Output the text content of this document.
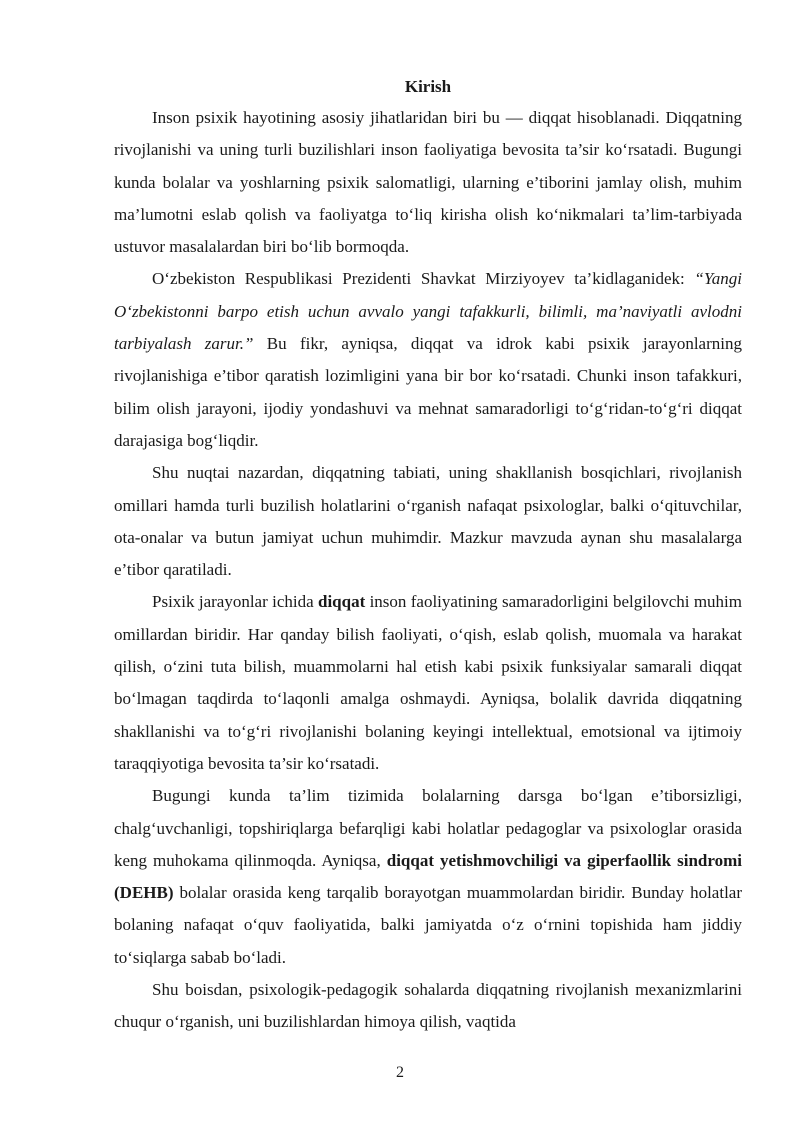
Kirish

Inson psixik hayotining asosiy jihatlaridan biri bu — diqqat hisoblanadi. Diqqatning rivojlanishi va uning turli buzilishlari inson faoliyatiga bevosita ta’sir ko‘rsatadi. Bugungi kunda bolalar va yoshlarning psixik salomatligi, ularning e’tiborini jamlay olish, muhim ma’lumotni eslab qolish va faoliyatga to‘liq kirisha olish ko‘nikmalari ta’lim-tarbiyada ustuvor masalalardan biri bo‘lib bormoqda.

O‘zbekiston Respublikasi Prezidenti Shavkat Mirziyoyev ta’kidlaganidek: “Yangi O‘zbekistonni barpo etish uchun avvalo yangi tafakkurli, bilimli, ma’naviyatli avlodni tarbiyalash zarur.” Bu fikr, ayniqsa, diqqat va idrok kabi psixik jarayonlarning rivojlanishiga e’tibor qaratish lozimligini yana bir bor ko‘rsatadi. Chunki inson tafakkuri, bilim olish jarayoni, ijodiy yondashuvi va mehnat samaradorligi to‘g‘ridan-to‘g‘ri diqqat darajasiga bog‘liqdir.

Shu nuqtai nazardan, diqqatning tabiati, uning shakllanish bosqichlari, rivojlanish omillari hamda turli buzilish holatlarini o‘rganish nafaqat psixologlar, balki o‘qituvchilar, ota-onalar va butun jamiyat uchun muhimdir. Mazkur mavzuda aynan shu masalalarga e’tibor qaratiladi.

Psixik jarayonlar ichida diqqat inson faoliyatining samaradorligini belgilovchi muhim omillardan biridir. Har qanday bilish faoliyati, o‘qish, eslab qolish, muomala va harakat qilish, o‘zini tuta bilish, muammolarni hal etish kabi psixik funksiyalar samarali diqqat bo‘lmagan taqdirda to‘laqonli amalga oshmaydi. Ayniqsa, bolalik davrida diqqatning shakllanishi va to‘g‘ri rivojlanishi bolaning keyingi intellektual, emotsional va ijtimoiy taraqqiyotiga bevosita ta’sir ko‘rsatadi.

Bugungi kunda ta’lim tizimida bolalarning darsga bo‘lgan e’tiborsizligi, chalg‘uvchanligi, topshiriqlarga befarqligi kabi holatlar pedagoglar va psixologlar orasida keng muhokama qilinmoqda. Ayniqsa, diqqat yetishmovchiligi va giperfaollik sindromi (DEHB) bolalar orasida keng tarqalib borayotgan muammolardan biridir. Bunday holatlar bolaning nafaqat o‘quv faoliyatida, balki jamiyatda o‘z o‘rnini topishida ham jiddiy to‘siqlarga sabab bo‘ladi.

Shu boisdan, psixologik-pedagogik sohalarda diqqatning rivojlanish mexanizmlarini chuqur o‘rganish, uni buzilishlardan himoya qilish, vaqtida

2
